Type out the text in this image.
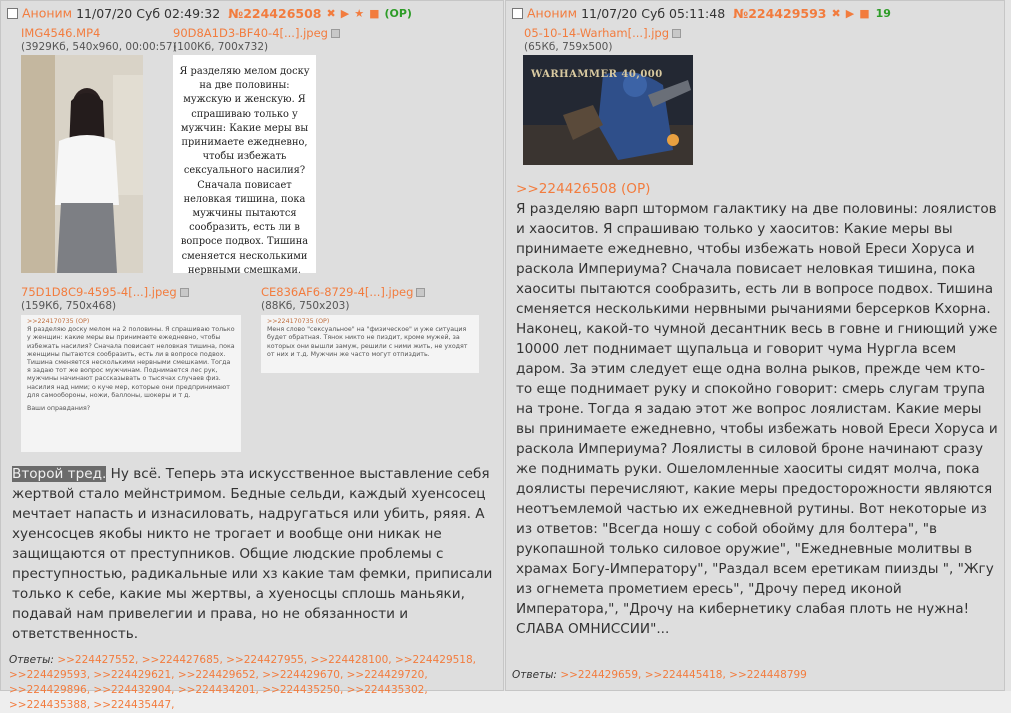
Аноним 11/07/20 Суб 02:49:32 №224426508 ✖ ▶ ★ ■ (OP)
IMG4546.MP4
(3929Кб, 540x960, 00:00:57)
90D8A1D3-BF40-4[...].jpeg
(100Кб, 700x732)
Я разделяю мелом доску на две половины: мужскую и женскую. Я спрашиваю только у мужчин: Какие меры вы принимаете ежедневно, чтобы избежать сексуального насилия? Сначала повисает неловкая тишина, пока мужчины пытаются сообразить, есть ли в вопросе подвох. Тишина сменяется несколькими нервными смешками.
75D1D8C9-4595-4[...].jpeg
(159Кб, 750x468)
CE836AF6-8729-4[...].jpeg
(88Кб, 750x203)
>>224170735 (OP)
Я разделяю доску мелом на 2 половины. Я спрашиваю только у женщин: какие меры вы принимаете ежедневно, чтобы избежать насилия? Сначала повисает неловкая тишина, пока женщины пытаются сообразить, есть ли в вопросе подвох. Тишина сменяется несколькими нервными смешками. Тогда я задаю тот же вопрос мужчинам. Поднимается лес рук, мужчины начинают рассказывать о тысячах случаев физ. насилия над ними; о куче мер, которые они предпринимают для самообороны, ножи, баллоны, шокеры и т д.
Ваши оправдания?
>>224170735 (OP)
Меня слово "сексуальное" на "физическое" и уже ситуация будет обратная. Тянок никто не пиздит, кроме мужей, за которых они вышли замуж, решили с ними жить, не уходят от них и т.д. Мужчин же часто могут отпиздить.
Второй тред. Ну всё. Теперь эта искусственное выставление себя жертвой стало мейнстримом. Бедные сельди, каждый хуенсосец мечтает напасть и изнасиловать, надругаться или убить, ряяя. А хуенсосцев якобы никто не трогает и вообще они никак не защищаются от преступников. Общие людские проблемы с преступностью, радикальные или хз какие там фемки, приписали только к себе, какие мы жертвы, а хуеносцы сплошь маньяки, подавай нам привелегии и права, но не обязанности и ответственность.
Ответы: >>224427552, >>224427685, >>224427955, >>224428100, >>224429518, >>224429593, >>224429621, >>224429652, >>224429670, >>224429720, >>224429896, >>224432904, >>224434201, >>224435250, >>224435302, >>224435388, >>224435447,
Аноним 11/07/20 Суб 05:11:48 №224429593 ✖ ▶ ■ 19
05-10-14-Warham[...].jpg
(65Кб, 759x500)
>>224426508 (OP)
Я разделяю варп штормом галактику на две половины: лоялистов и хаоситов. Я спрашиваю только у хаоситов: Какие меры вы принимаете ежедневно, чтобы избежать новой Ереси Хоруса и раскола Империума? Сначала повисает неловкая тишина, пока хаоситы пытаются сообразить, есть ли в вопросе подвох. Тишина сменяется несколькими нервными рычаниями берсерков Кхорна. Наконец, какой-то чумной десантник весь в говне и гниющий уже 10000 лет поднимает щупальца и говорит чума Нургла всем даром. За этим следует еще одна волна рыков, прежде чем кто-то еще поднимает руку и спокойно говорит: смерь слугам трупа на троне. Тогда я задаю этот же вопрос лоялистам. Какие меры вы принимаете ежедневно, чтобы избежать новой Ереси Хоруса и раскола Империума? Лоялисты в силовой броне начинают сразу же поднимать руки. Ошеломленные хаоситы сидят молча, пока доялисты перечисляют, какие меры предосторожности являются неотъемлемой частью их ежедневной рутины. Вот некоторые из из ответов: "Всегда ношу с собой обойму для болтера", "в рукопашной только силовое оружие", "Ежедневные молитвы в храмах Богу-Императору", "Раздал всем еретикам пиизды ", "Жгу из огнемета прометием ересь", "Дрочу перед иконой Императора,", "Дрочу на кибернетику слабая плоть не нужна! СЛАВА ОМНИССИИ"...
Ответы: >>224429659, >>224445418, >>224448799
WARHAMMER 40,000
